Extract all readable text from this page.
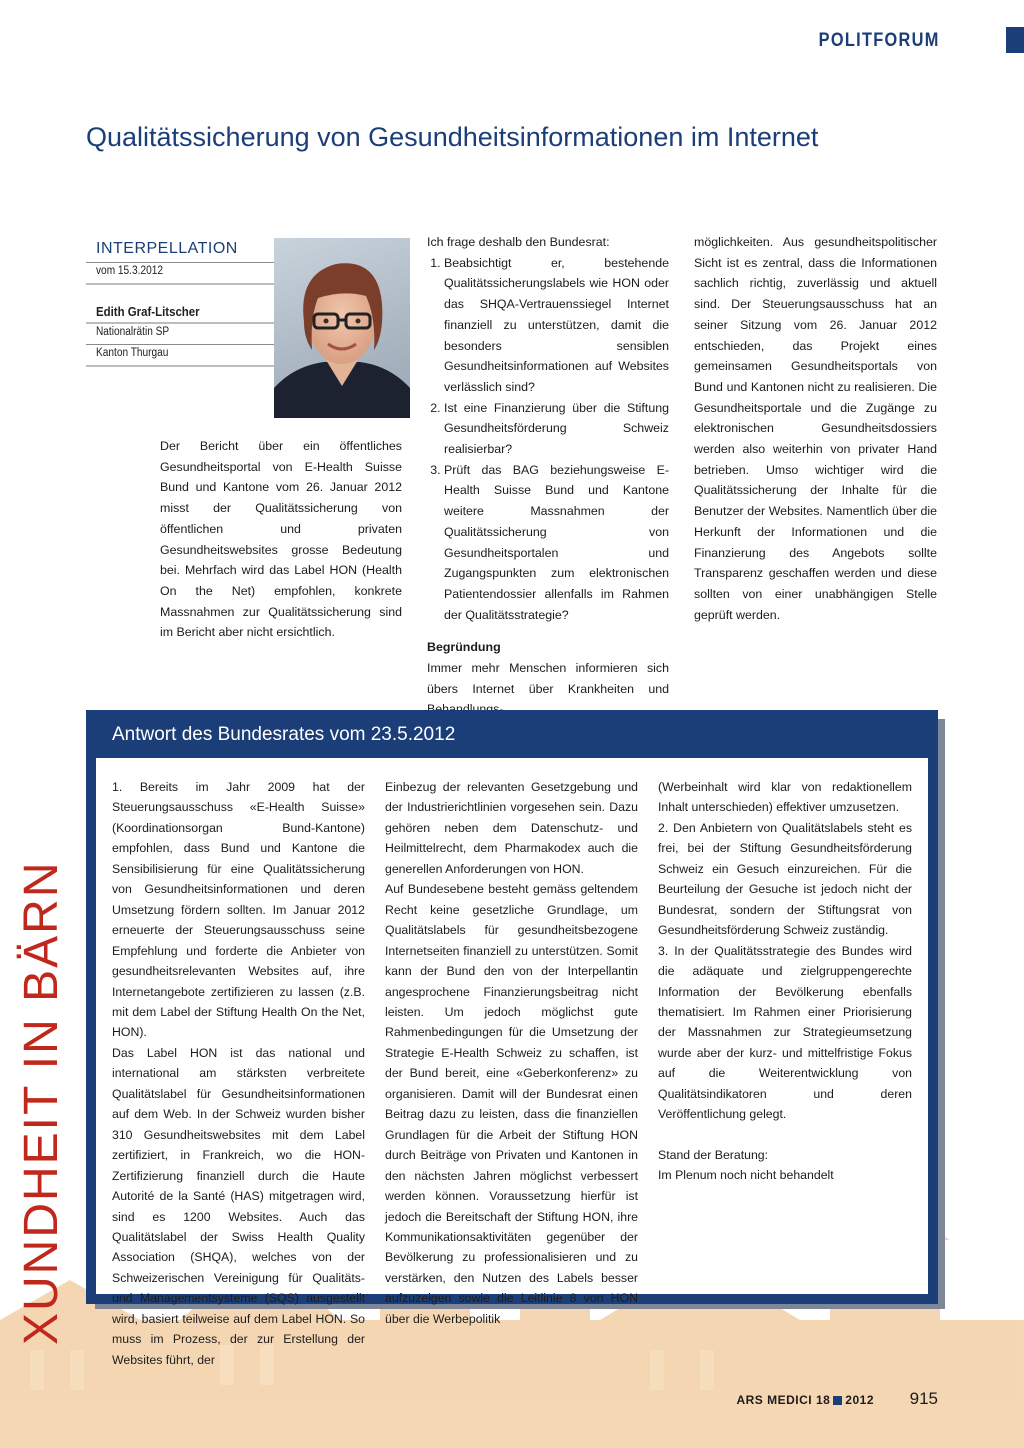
POLITFORUM
Qualitätssicherung von Gesundheitsinformationen im Internet
INTERPELLATION
vom 15.3.2012
Edith Graf-Litscher
Nationalrätin SP
Kanton Thurgau

Der Bericht über ein öffentliches Gesundheitsportal von E-Health Suisse Bund und Kantone vom 26. Januar 2012 misst der Qualitätssicherung von öffentlichen und privaten Gesundheitswebsites grosse Bedeutung bei. Mehrfach wird das Label HON (Health On the Net) empfohlen, konkrete Massnahmen zur Qualitätssicherung sind im Bericht aber nicht ersichtlich.

Ich frage deshalb den Bundesrat:

1. Beabsichtigt er, bestehende Qualitätssicherungslabels wie HON oder das SHQA-Vertrauenssiegel Internet finanziell zu unterstützen, damit die besonders sensiblen Gesundheitsinformationen auf Websites verlässlich sind?
2. Ist eine Finanzierung über die Stiftung Gesundheitsförderung Schweiz realisierbar?
3. Prüft das BAG beziehungsweise E-Health Suisse Bund und Kantone weitere Massnahmen der Qualitätssicherung von Gesundheitsportalen und Zugangspunkten zum elektronischen Patientendossier allenfalls im Rahmen der Qualitätsstrategie?

Begründung

Immer mehr Menschen informieren sich übers Internet über Krankheiten und

möglichkeiten. Aus gesundheitspolitischer Sicht ist es zentral, dass die Informationen sachlich richtig, zuverlässig und aktuell sind. Der Steuerungsausschuss hat an seiner Sitzung vom 26. Januar 2012 entschieden, das Projekt eines gemeinsamen Gesundheitsportals von Bund und Kantonen nicht zu realisieren. Die Gesundheitsportale und die Zugänge zu elektronischen Gesundheitsdossiers werden also weiterhin von privater Hand betrieben. Umso wichtiger wird die Qualitätssicherung der Inhalte für die Benutzer der Websites. Namentlich über die Herkunft der Informationen und die Finanzierung des Angebots sollte Transparenz geschaffen werden und diese sollten von einer unabhängigen Stelle geprüft werden.

XUNDHEIT IN BÄRN
Antwort des Bundesrates vom 23.5.2012

1. Bereits im Jahr 2009 hat der Steuerungsausschuss «E-Health Suisse» (Koordinationsorgan Bund-Kantone) empfohlen, dass Bund und Kantone die Sensibilisierung für eine Qualitätssicherung von Gesundheitsinformationen und deren Umsetzung fördern sollten. Im Januar 2012 erneuerte der Steuerungsausschuss seine Empfehlung und forderte die Anbieter von gesundheitsrelevanten Websites auf, ihre Internetangebote zertifizieren zu lassen (z.B. mit dem Label der Stiftung Health On the Net, HON).

Das Label HON ist das national und international am stärksten verbreitete Qualitätslabel für Gesundheitsinformationen auf dem Web. In der Schweiz wurden bisher 310 Gesundheitswebsites mit dem Label zertifiziert, in Frankreich, wo die HON-Zertifizierung finanziell durch die Haute Autorité de la Santé (HAS) mitgetragen wird, sind es 1200 Websites. Auch das Qualitätslabel der Swiss Health Quality Association (SHQA), welches von der Schweizerischen Vereinigung für Qualitäts- und Managementsysteme (SQS) ausgestellt wird, basiert teilweise auf dem Label HON. So muss im Prozess, der zur Erstellung der Websites führt, der

Einbezug der relevanten Gesetzgebung und der Industrierichtlinien vorgesehen sein. Dazu gehören neben dem Datenschutz- und Heilmittelrecht, dem Pharmakodex auch die generellen Anforderungen von HON.

Auf Bundesebene besteht gemäss geltendem Recht keine gesetzliche Grundlage, um Qualitätslabels für gesundheitsbezogene Internetseiten finanziell zu unterstützen. Somit kann der Bund den von der Interpellantin angesprochene Finanzierungsbeitrag nicht leisten. Um jedoch möglichst gute Rahmenbedingungen für die Umsetzung der Strategie E-Health Schweiz zu schaffen, ist der Bund bereit, eine «Geberkonferenz» zu organisieren. Damit will der Bundesrat einen Beitrag dazu zu leisten, dass die finanziellen Grundlagen für die Arbeit der Stiftung HON durch Beiträge von Privaten und Kantonen in den nächsten Jahren möglichst verbessert werden können. Voraussetzung hierfür ist jedoch die Bereitschaft der Stiftung HON, ihre Kommunikationsaktivitäten gegenüber der Bevölkerung zu professionalisieren und zu verstärken, den Nutzen des Labels besser aufzuzeigen sowie die Leitlinie 8 von HON über die Werbepolitik

(Werbeinhalt wird klar von redaktionellem Inhalt unterschieden) effektiver umzusetzen.

2. Den Anbietern von Qualitätslabels steht es frei, bei der Stiftung Gesundheitsförderung Schweiz ein Gesuch einzureichen. Für die Beurteilung der Gesuche ist jedoch nicht der Bundesrat, sondern der Stiftungsrat von Gesundheitsförderung Schweiz zuständig.

3. In der Qualitätsstrategie des Bundes wird die adäquate und zielgruppengerechte Information der Bevölkerung ebenfalls thematisiert. Im Rahmen einer Priorisierung der Massnahmen zur Strategieumsetzung wurde aber der kurz- und mittelfristige Fokus auf die Weiterentwicklung von Qualitätsindikatoren und deren Veröffentlichung gelegt.

Stand der Beratung:

Im Plenum noch nicht behandelt

ARS MEDICI 18 2012 915
